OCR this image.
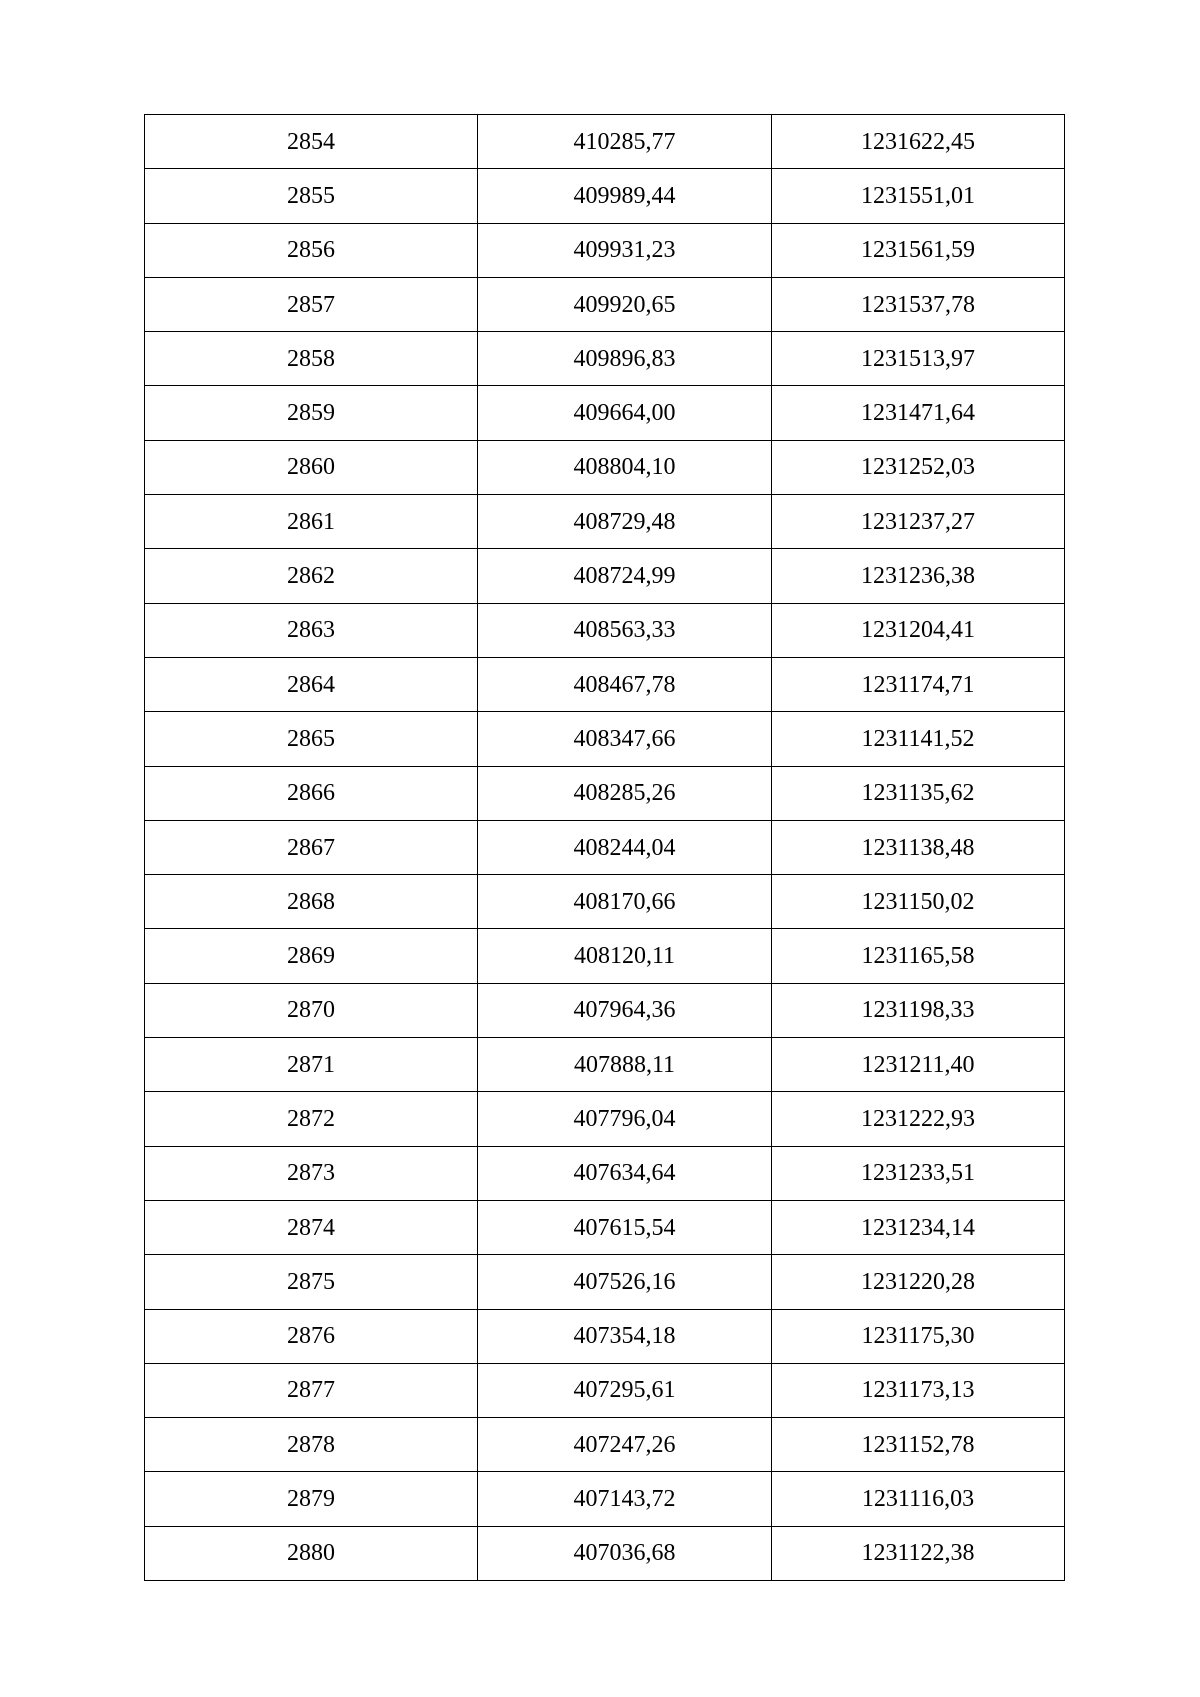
2854	410285,77	1231622,45
2855	409989,44	1231551,01
2856	409931,23	1231561,59
2857	409920,65	1231537,78
2858	409896,83	1231513,97
2859	409664,00	1231471,64
2860	408804,10	1231252,03
2861	408729,48	1231237,27
2862	408724,99	1231236,38
2863	408563,33	1231204,41
2864	408467,78	1231174,71
2865	408347,66	1231141,52
2866	408285,26	1231135,62
2867	408244,04	1231138,48
2868	408170,66	1231150,02
2869	408120,11	1231165,58
2870	407964,36	1231198,33
2871	407888,11	1231211,40
2872	407796,04	1231222,93
2873	407634,64	1231233,51
2874	407615,54	1231234,14
2875	407526,16	1231220,28
2876	407354,18	1231175,30
2877	407295,61	1231173,13
2878	407247,26	1231152,78
2879	407143,72	1231116,03
2880	407036,68	1231122,38
